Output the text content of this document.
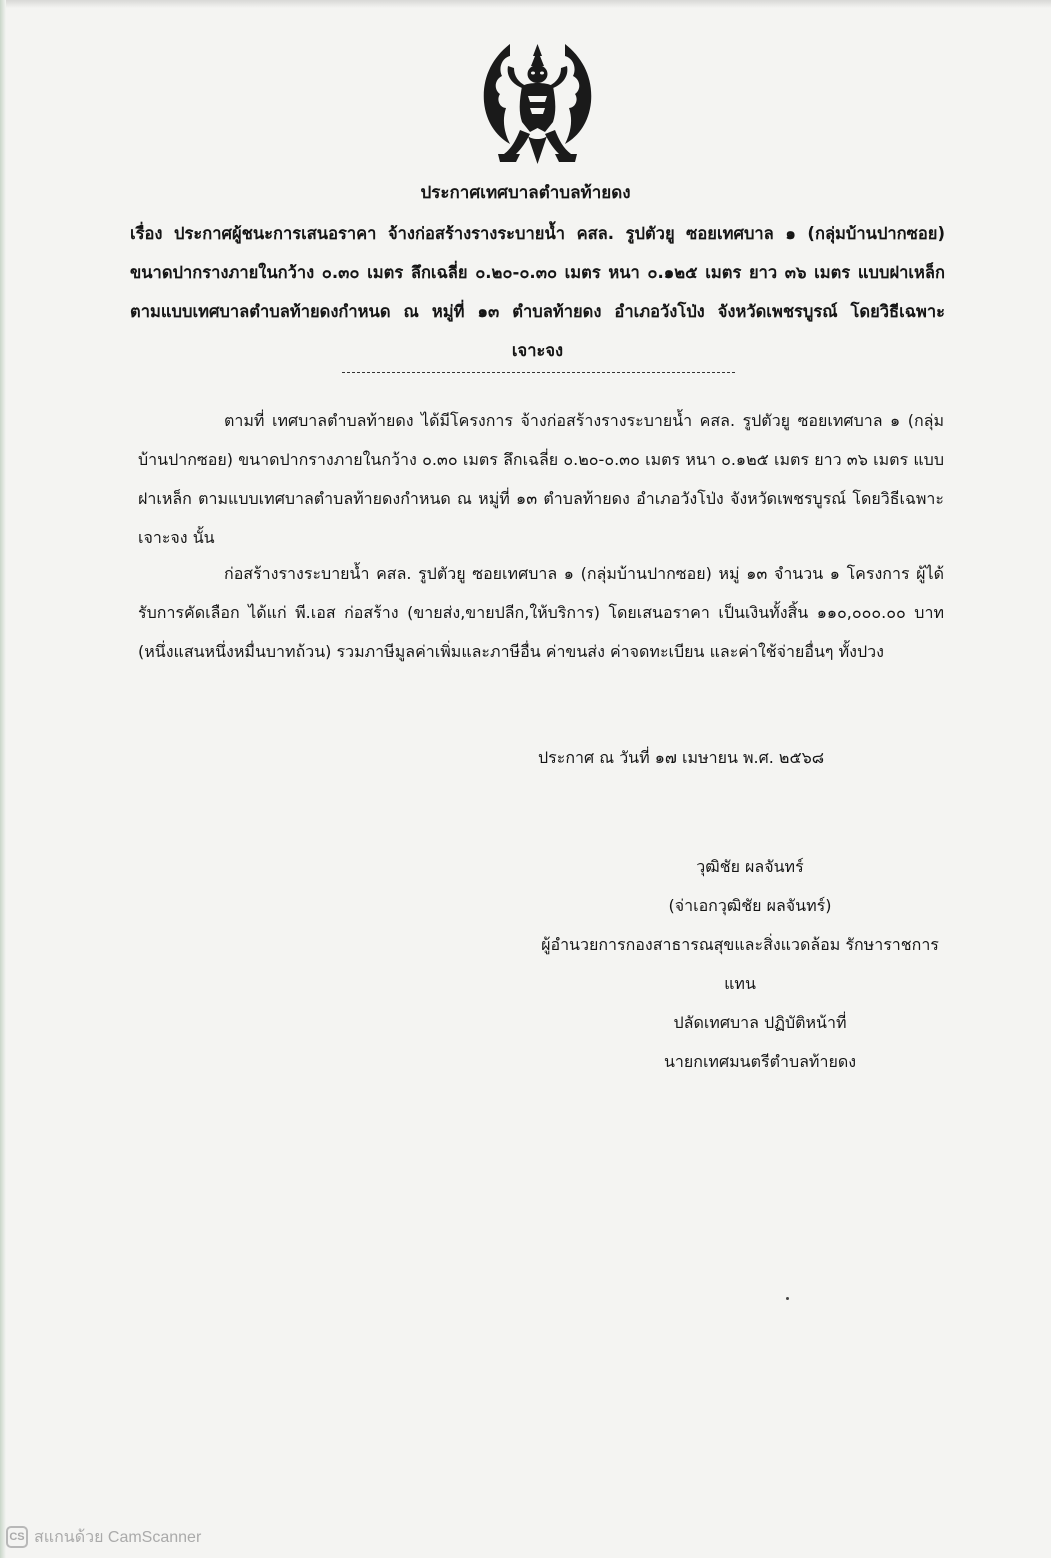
ประกาศเทศบาลตำบลท้ายดง
เรื่อง ประกาศผู้ชนะการเสนอราคา จ้างก่อสร้างรางระบายน้ำ คสล. รูปตัวยู ซอยเทศบาล ๑ (กลุ่มบ้านปากซอย) ขนาดปากรางภายในกว้าง ๐.๓๐ เมตร ลึกเฉลี่ย ๐.๒๐-๐.๓๐ เมตร หนา ๐.๑๒๕ เมตร ยาว ๓๖ เมตร แบบฝาเหล็ก ตามแบบเทศบาลตำบลท้ายดงกำหนด ณ หมู่ที่ ๑๓ ตำบลท้ายดง อำเภอวังโป่ง จังหวัดเพชรบูรณ์ โดยวิธีเฉพาะเจาะจง

ตามที่ เทศบาลตำบลท้ายดง ได้มีโครงการ จ้างก่อสร้างรางระบายน้ำ คสล. รูปตัวยู ซอยเทศบาล ๑ (กลุ่มบ้านปากซอย) ขนาดปากรางภายในกว้าง ๐.๓๐ เมตร ลึกเฉลี่ย ๐.๒๐-๐.๓๐ เมตร หนา ๐.๑๒๕ เมตร ยาว ๓๖ เมตร แบบฝาเหล็ก ตามแบบเทศบาลตำบลท้ายดงกำหนด ณ หมู่ที่ ๑๓ ตำบลท้ายดง อำเภอวังโป่ง จังหวัดเพชรบูรณ์ โดยวิธีเฉพาะเจาะจง นั้น

ก่อสร้างรางระบายน้ำ คสล. รูปตัวยู ซอยเทศบาล ๑ (กลุ่มบ้านปากซอย) หมู่ ๑๓ จำนวน ๑ โครงการ ผู้ได้รับการคัดเลือก ได้แก่ พี.เอส ก่อสร้าง (ขายส่ง,ขายปลีก,ให้บริการ) โดยเสนอราคา เป็นเงินทั้งสิ้น ๑๑๐,๐๐๐.๐๐ บาท (หนึ่งแสนหนึ่งหมื่นบาทถ้วน) รวมภาษีมูลค่าเพิ่มและภาษีอื่น ค่าขนส่ง ค่าจดทะเบียน และค่าใช้จ่ายอื่นๆ ทั้งปวง

ประกาศ ณ วันที่ ๑๗ เมษายน พ.ศ. ๒๕๖๘
วุฒิชัย ผลจันทร์
(จ่าเอกวุฒิชัย ผลจันทร์)
ผู้อำนวยการกองสาธารณสุขและสิ่งแวดล้อม รักษาราชการ
แทน
ปลัดเทศบาล ปฏิบัติหน้าที่
นายกเทศมนตรีตำบลท้ายดง
CS สแกนด้วย CamScanner
